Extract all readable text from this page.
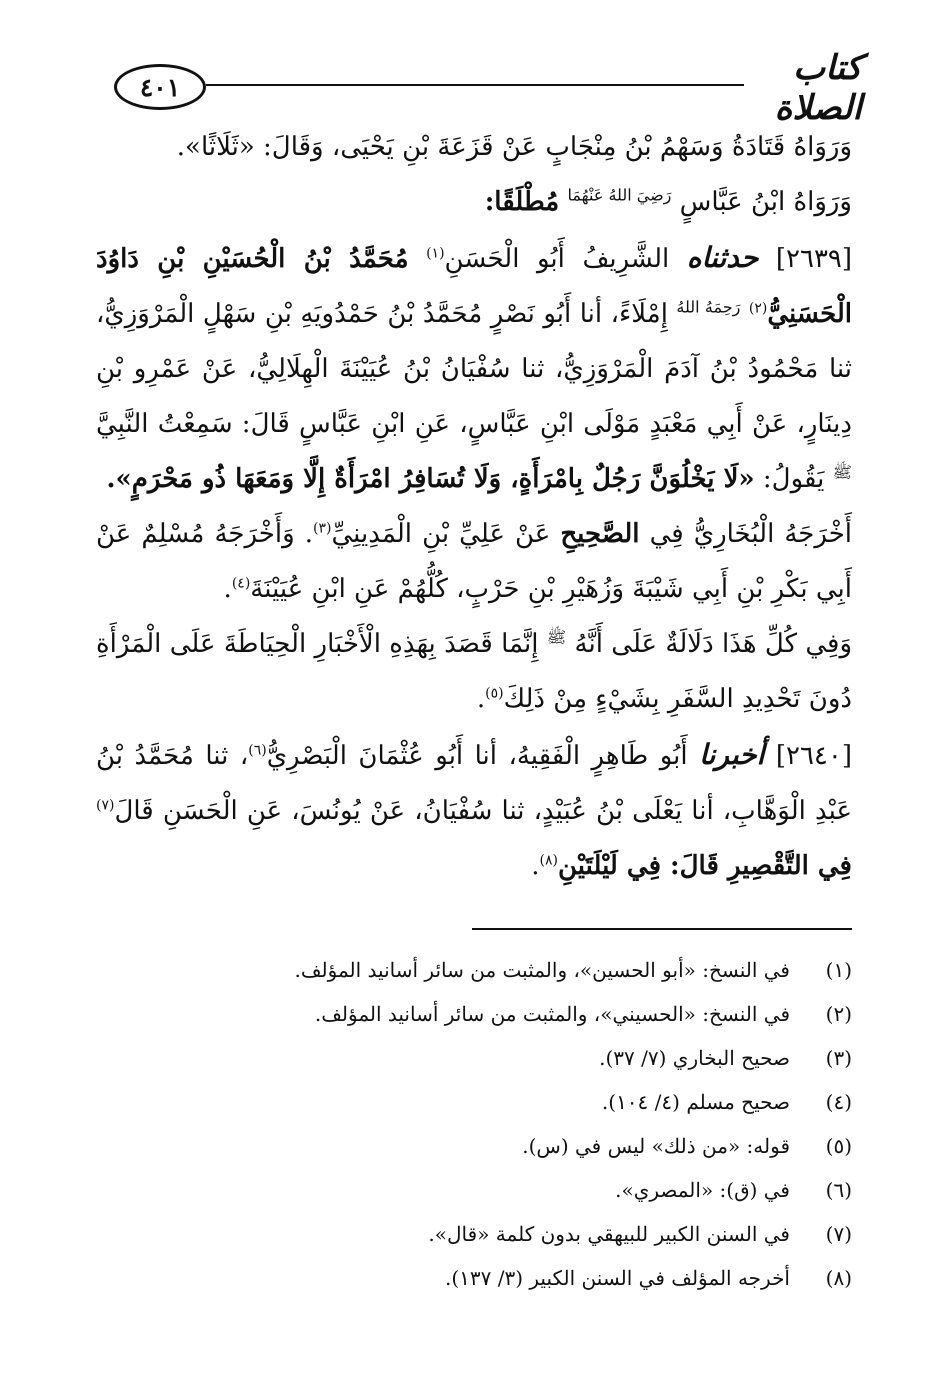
٤٠١	كتاب الصلاة

وَرَوَاهُ قَتَادَةُ وَسَهْمُ بْنُ مِنْجَابٍ عَنْ قَزَعَةَ بْنِ يَحْيَى، وَقَالَ: «ثَلَاثًا».

وَرَوَاهُ ابْنُ عَبَّاسٍ $^{رَضِيَ اللهُ عَنْهُمَا}$ مُطْلَقًا:

[٢٦٣٩] حدثناه الشَّرِيفُ أَبُو الْحَسَنِ$^{(١)}$ مُحَمَّدُ بْنُ الْحُسَيْنِ بْنِ دَاوُدَ الْحَسَنِيُّ$^{(٢)}$ $^{رَحِمَهُ اللهُ}$ إِمْلَاءً، أنا أَبُو نَصْرٍ مُحَمَّدُ بْنُ حَمْدُويَهِ بْنِ سَهْلٍ الْمَرْوَزِيُّ، ثنا مَحْمُودُ بْنُ آدَمَ الْمَرْوَزِيُّ، ثنا سُفْيَانُ بْنُ عُيَيْنَةَ الْهِلَالِيُّ، عَنْ عَمْرِو بْنِ دِينَارٍ، عَنْ أَبِي مَعْبَدٍ مَوْلَى ابْنِ عَبَّاسٍ، عَنِ ابْنِ عَبَّاسٍ قَالَ: سَمِعْتُ النَّبِيَّ $^ﷺ$ يَقُولُ: «لَا يَخْلُوَنَّ رَجُلٌ بِامْرَأَةٍ، وَلَا تُسَافِرُ امْرَأَةٌ إِلَّا وَمَعَهَا ذُو مَحْرَمٍ».

أَخْرَجَهُ الْبُخَارِيُّ فِي الصَّحِيحِ عَنْ عَلِيِّ بْنِ الْمَدِينِيِّ$^{(٣)}$. وَأَخْرَجَهُ مُسْلِمٌ عَنْ أَبِي بَكْرِ بْنِ أَبِي شَيْبَةَ وَزُهَيْرِ بْنِ حَرْبٍ، كُلُّهُمْ عَنِ ابْنِ عُيَيْنَةَ$^{(٤)}$.

وَفِي كُلِّ هَذَا دَلَالَةٌ عَلَى أَنَّهُ $^ﷺ$ إِنَّمَا قَصَدَ بِهَذِهِ الْأَخْبَارِ الْحِيَاطَةَ عَلَى الْمَرْأَةِ دُونَ تَحْدِيدِ السَّفَرِ بِشَيْءٍ مِنْ ذَلِكَ$^{(٥)}$.

[٢٦٤٠] أخبرنا أَبُو طَاهِرٍ الْفَقِيهُ، أنا أَبُو عُثْمَانَ الْبَصْرِيُّ$^{(٦)}$، ثنا مُحَمَّدُ بْنُ عَبْدِ الْوَهَّابِ، أنا يَعْلَى بْنُ عُبَيْدٍ، ثنا سُفْيَانُ، عَنْ يُونُسَ، عَنِ الْحَسَنِ قَالَ$^{(٧)}$ فِي التَّقْصِيرِ قَالَ: فِي لَيْلَتَيْنِ$^{(٨)}$.

(١)
في النسخ: «أبو الحسين»، والمثبت من سائر أسانيد المؤلف.
(٢)
في النسخ: «الحسيني»، والمثبت من سائر أسانيد المؤلف.
(٣)
صحيح البخاري (٧/ ٣٧).
(٤)
صحيح مسلم (٤/ ١٠٤).
(٥)
قوله: «من ذلك» ليس في (س).
(٦)
في (ق): «المصري».
(٧)
في السنن الكبير للبيهقي بدون كلمة «قال».
(٨)
أخرجه المؤلف في السنن الكبير (٣/ ١٣٧).
